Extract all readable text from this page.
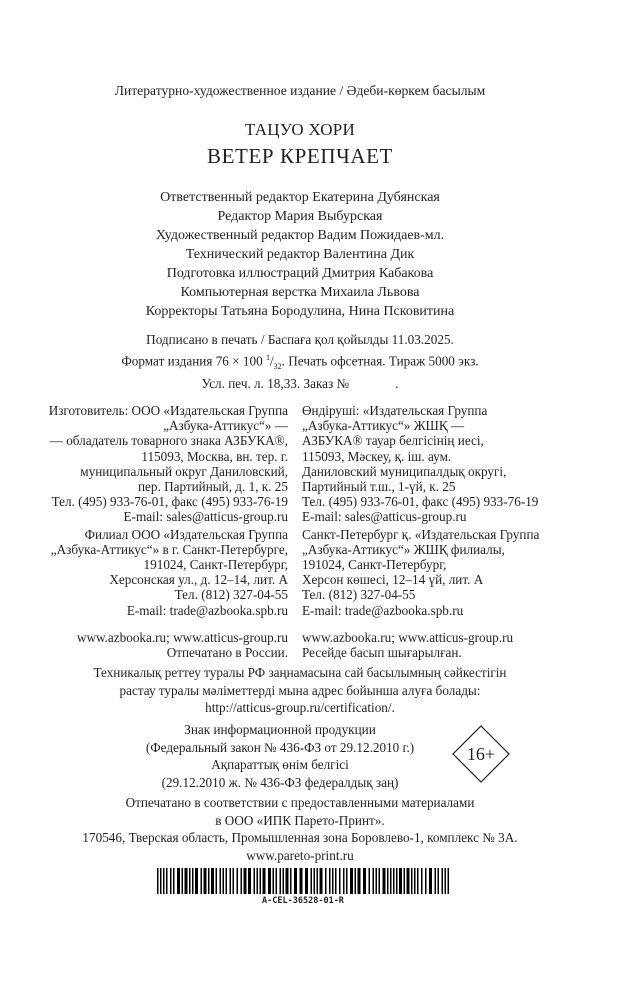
Литературно-художественное издание / Әдеби-көркем басылым
ТАЦУО ХОРИ
ВЕТЕР КРЕПЧАЕТ
Ответственный редактор Екатерина Дубянская
Редактор Мария Выбурская
Художественный редактор Вадим Пожидаев-мл.
Технический редактор Валентина Дик
Подготовка иллюстраций Дмитрия Кабакова
Компьютерная верстка Михаила Львова
Корректоры Татьяна Бородулина, Нина Псковитина
Подписано в печать / Баспаға қол қойылды 11.03.2025.
Формат издания 76 × 100 $^1/_{32}$. Печать офсетная. Тираж 5000 экз.
Усл. печ. л. 18,33. Заказ №              .
Изготовитель: ООО «Издательская Группа
„Азбука-Аттикус“» —
— обладатель товарного знака АЗБУКА®,
115093, Москва, вн. тер. г.
муниципальный округ Даниловский,
пер. Партийный, д. 1, к. 25
Тел. (495) 933-76-01, факс (495) 933-76-19
E-mail: sales@atticus-group.ru
Филиал ООО «Издательская Группа
„Азбука-Аттикус“» в г. Санкт-Петербурге,
191024, Санкт-Петербург,
Херсонская ул., д. 12–14, лит. А
Тел. (812) 327-04-55
E-mail: trade@azbooka.spb.ru
www.azbooka.ru; www.atticus-group.ru
Отпечатано в России.
Өндіруші: «Издательская Группа
„Азбука-Аттикус“» ЖШҚ —
АЗБУКА® тауар белгісінің иесі,
115093, Мәскеу, қ. іш. аум.
Даниловский муниципалдық округі,
Партийный т.ш., 1-үй, к. 25
Тел. (495) 933-76-01, факс (495) 933-76-19
E-mail: sales@atticus-group.ru
Санкт-Петербург қ. «Издательская Группа
„Азбука-Аттикус“» ЖШҚ филиалы,
191024, Санкт-Петербург,
Херсон көшесі, 12–14 үй, лит. А
Тел. (812) 327-04-55
E-mail: trade@azbooka.spb.ru
www.azbooka.ru; www.atticus-group.ru
Ресейде басып шығарылған.
Техникалық реттеу туралы РФ заңнамасына сай басылымның сәйкестігін
растау туралы мәліметтерді мына адрес бойынша алуға болады:
http://atticus-group.ru/certification/.
Знак информационной продукции
(Федеральный закон № 436-ФЗ от 29.12.2010 г.)
Ақпараттық өнім белгісі
(29.12.2010 ж. № 436-ФЗ федералдық заң)
16+
Отпечатано в соответствии с предоставленными материалами
в ООО «ИПК Парето-Принт».
170546, Тверская область, Промышленная зона Боровлево-1, комплекс № 3А.
www.pareto-print.ru
A-CEL-36528-01-R
